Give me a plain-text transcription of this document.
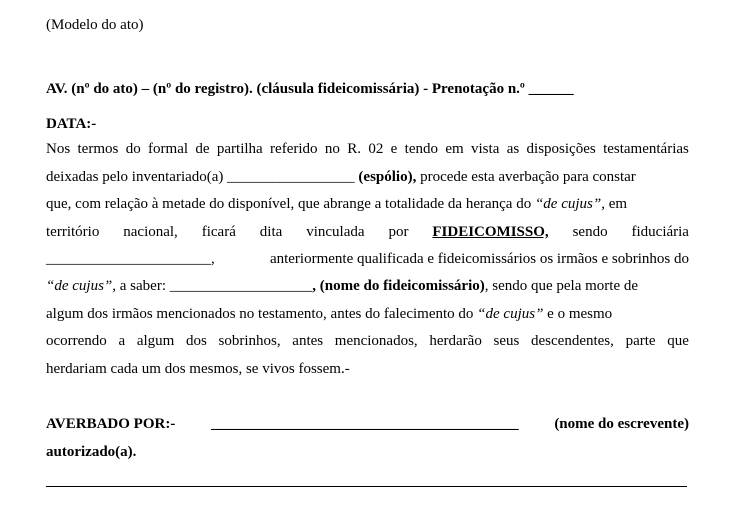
(Modelo do ato)
AV. (nº do ato) – (nº do registro). (cláusula fideicomissária) - Prenotação n.º ______
DATA:-
Nos termos do formal de partilha referido no R. 02 e tendo em vista as disposições testamentárias
deixadas pelo inventariado(a) _________________ (espólio), procede esta averbação para constar
que, com relação à metade do disponível, que abrange a totalidade da herança do “de cujus”, em
território nacional, ficará dita vinculada por FIDEICOMISSO, sendo fiduciária
______________________,	anteriormente qualificada e fideicomissários os irmãos e sobrinhos do
“de cujus”, a saber: ___________________, (nome do fideicomissário), sendo que pela morte de
algum dos irmãos mencionados no testamento, antes do falecimento do “de cujus” e o mesmo
ocorrendo a algum dos sobrinhos, antes mencionados, herdarão seus descendentes, parte que
herdariam cada um dos mesmos, se vivos fossem.-
AVERBADO POR:- _________________________________________ (nome do escrevente)
autorizado(a).
